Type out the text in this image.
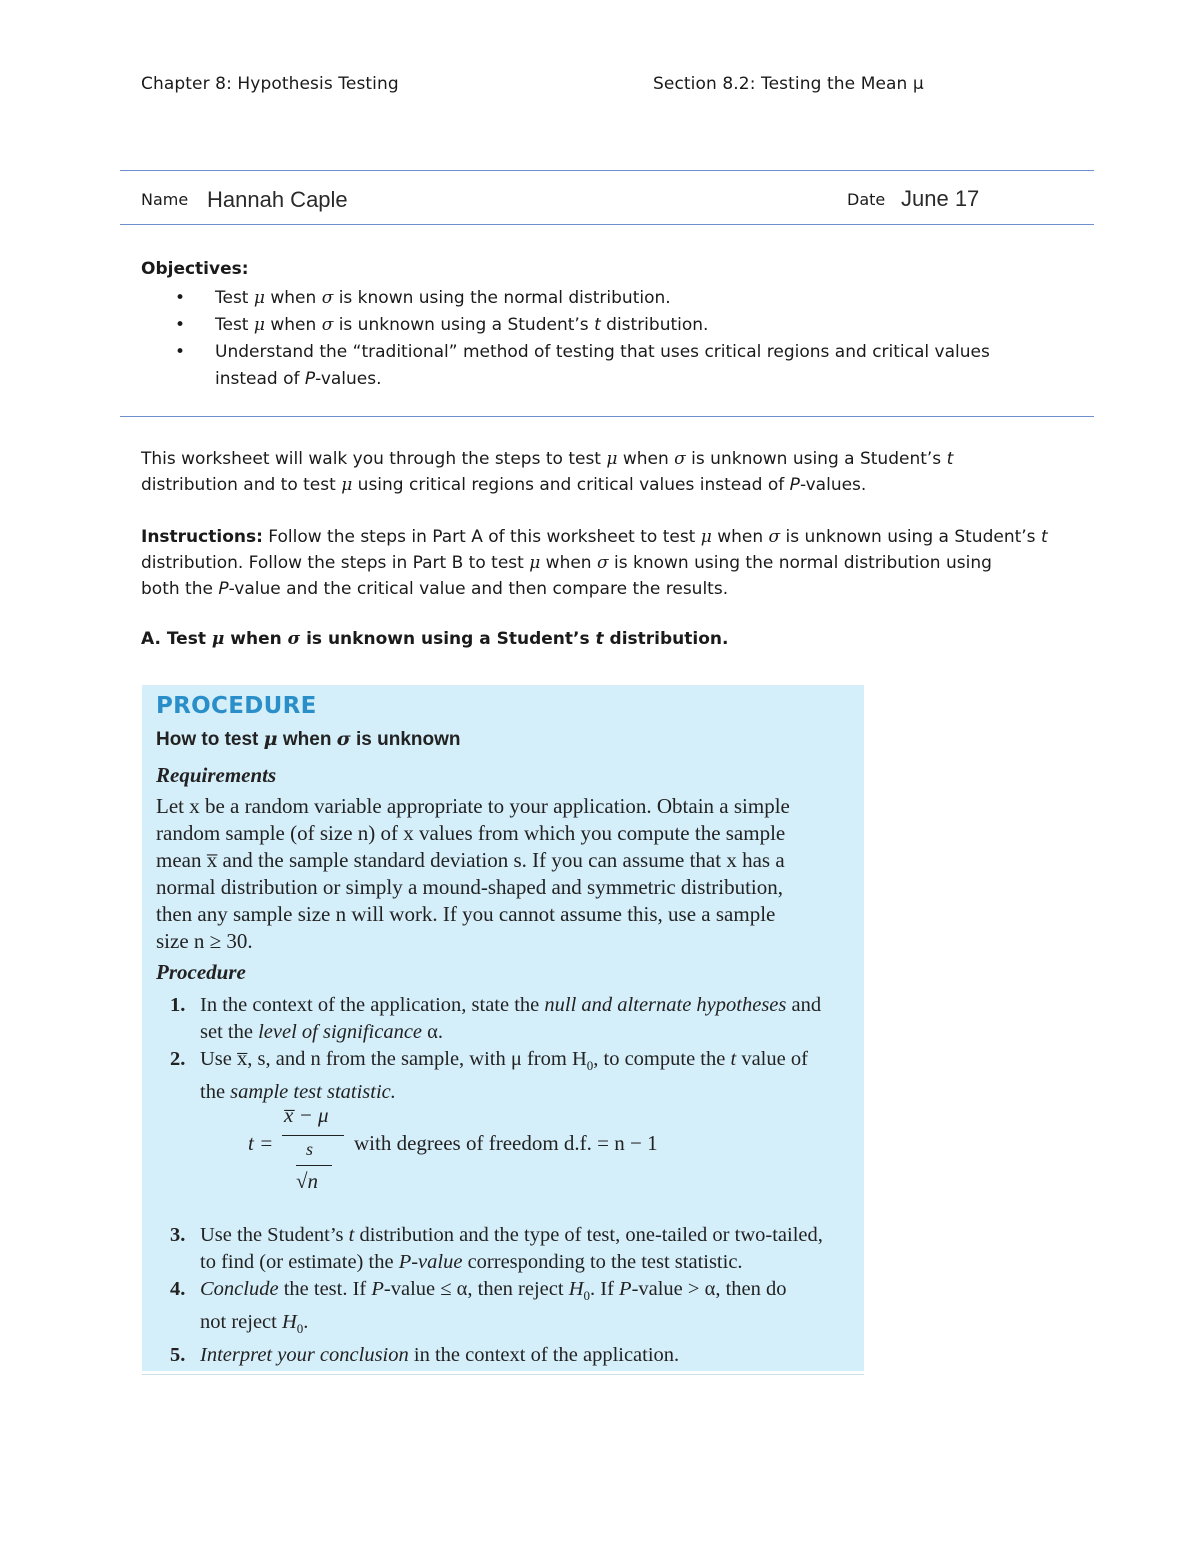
Chapter 8: Hypothesis Testing	Section 8.2: Testing the Mean μ
Name Hannah Caple	Date June 17
Objectives:
• Test μ when σ is known using the normal distribution.
• Test μ when σ is unknown using a Student’s t distribution.
• Understand the “traditional” method of testing that uses critical regions and critical values
instead of P-values.
This worksheet will walk you through the steps to test μ when σ is unknown using a Student’s t
distribution and to test μ using critical regions and critical values instead of P-values.
Instructions: Follow the steps in Part A of this worksheet to test μ when σ is unknown using a Student’s t
distribution. Follow the steps in Part B to test μ when σ is known using the normal distribution using
both the P-value and the critical value and then compare the results.
A. Test μ when σ is unknown using a Student’s t distribution.
PROCEDURE
How to test μ when σ is unknown
Requirements
Let x be a random variable appropriate to your application. Obtain a simple
random sample (of size n) of x values from which you compute the sample
mean x̅ and the sample standard deviation s. If you can assume that x has a
normal distribution or simply a mound-shaped and symmetric distribution,
then any sample size n will work. If you cannot assume this, use a sample
size n ≥ 30.
Procedure
1. In the context of the application, state the null and alternate hypotheses and
set the level of significance α.
2. Use x̅, s, and n from the sample, with μ from $H_0$, to compute the t value of
the sample test statistic.
t =
x̅ − μ
s
√n
with degrees of freedom d.f. = n − 1
3. Use the Student’s t distribution and the type of test, one-tailed or two-tailed,
to find (or estimate) the P-value corresponding to the test statistic.
4. Conclude the test. If P-value ≤ α, then reject $H_0$. If P-value > α, then do
not reject $H_0$.
5. Interpret your conclusion in the context of the application.
